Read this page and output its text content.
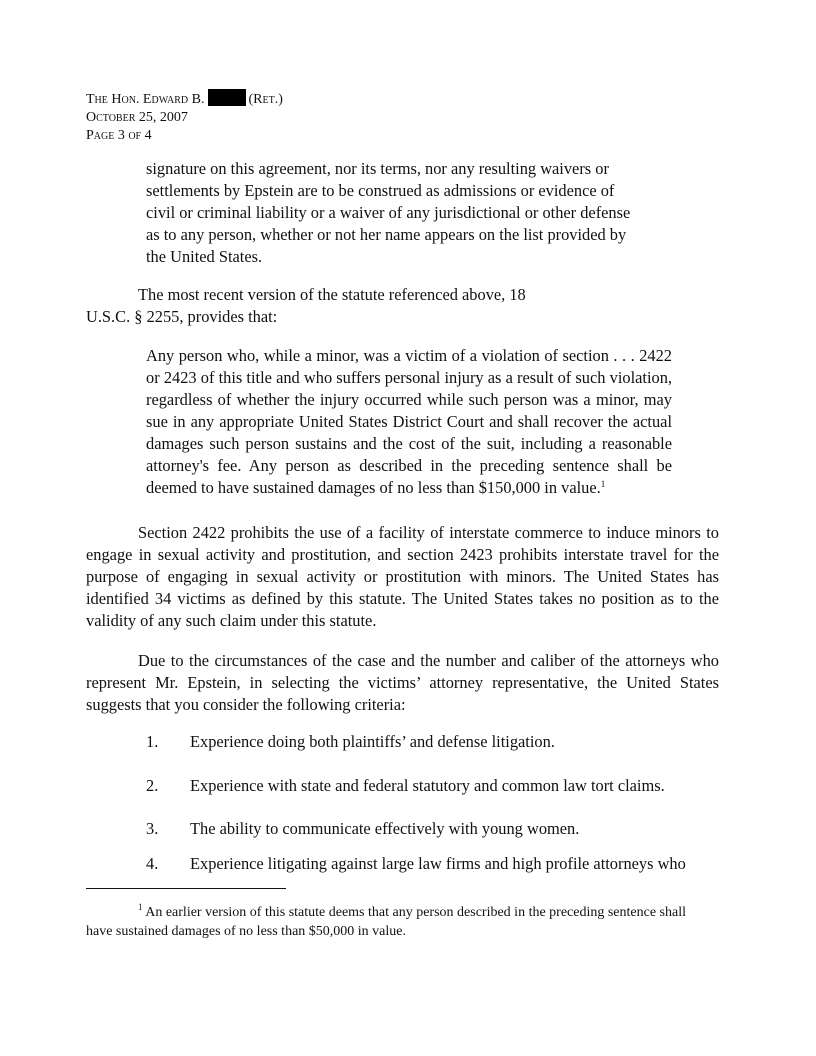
The Hon. Edward B.	(Ret.)
October 25, 2007
Page 3 of 4
signature on this agreement, nor its terms, nor any resulting waivers or settlements by Epstein are to be construed as admissions or evidence of civil or criminal liability or a waiver of any jurisdictional or other defense as to any person, whether or not her name appears on the list provided by the United States.
The most recent version of the statute referenced above, 18 U.S.C. § 2255, provides that:
Any person who, while a minor, was a victim of a violation of section . . . 2422 or 2423 of this title and who suffers personal injury as a result of such violation, regardless of whether the injury occurred while such person was a minor, may sue in any appropriate United States District Court and shall recover the actual damages such person sustains and the cost of the suit, including a reasonable attorney's fee. Any person as described in the preceding sentence shall be deemed to have sustained damages of no less than $150,000 in value.$^1$
Section 2422 prohibits the use of a facility of interstate commerce to induce minors to engage in sexual activity and prostitution, and section 2423 prohibits interstate travel for the purpose of engaging in sexual activity or prostitution with minors. The United States has identified 34 victims as defined by this statute. The United States takes no position as to the validity of any such claim under this statute.
Due to the circumstances of the case and the number and caliber of the attorneys who represent Mr. Epstein, in selecting the victims’ attorney representative, the United States suggests that you consider the following criteria:
1. Experience doing both plaintiffs’ and defense litigation.
2. Experience with state and federal statutory and common law tort claims.
3. The ability to communicate effectively with young women.
4. Experience litigating against large law firms and high profile attorneys who
$^1$ An earlier version of this statute deems that any person described in the preceding sentence shall have sustained damages of no less than $50,000 in value.
